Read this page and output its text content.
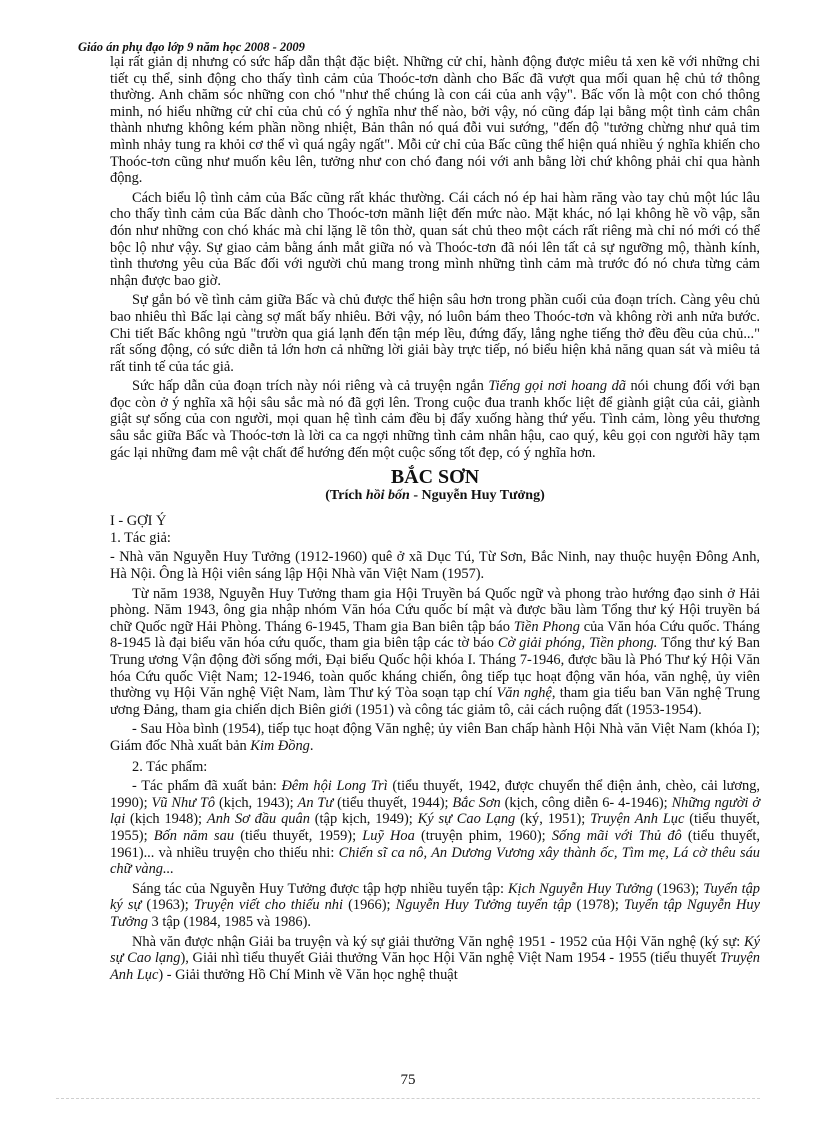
Giáo án phụ đạo lớp 9 năm học 2008 - 2009

lại rất giản dị nhưng có sức hấp dẫn thật đặc biệt. Những cử chỉ, hành động được miêu tả xen kẽ với những chi tiết cụ thể, sinh động cho thấy tình cảm của Thoóc-tơn dành cho Bấc đã vượt qua mối quan hệ chủ tớ thông thường. Anh chăm sóc những con chó "như thể chúng là con cái của anh vậy". Bấc vốn là một con chó thông minh, nó hiểu những cử chỉ của chủ có ý nghĩa như thế nào, bởi vậy, nó cũng đáp lại bằng một tình cảm chân thành nhưng không kém phần nồng nhiệt, Bản thân nó quá đỗi vui sướng, "đến độ "tưởng chừng như quả tim mình nhảy tung ra khỏi cơ thể vì quá ngây ngất". Mỗi cử chỉ của Bấc cũng thể hiện quá nhiều ý nghĩa khiến cho Thoóc-tơn cũng như muốn kêu lên, tưởng như con chó đang nói với anh bằng lời chứ không phải chỉ qua hành động.

Cách biểu lộ tình cảm của Bấc cũng rất khác thường. Cái cách nó ép hai hàm răng vào tay chủ một lúc lâu cho thấy tình cảm của Bấc dành cho Thoóc-tơn mãnh liệt đến mức nào. Mặt khác, nó lại không hề vồ vập, sẵn đón như những con chó khác mà chỉ lặng lẽ tôn thờ, quan sát chủ theo một cách rất riêng mà chỉ nó mới có thể bộc lộ như vậy. Sự giao cảm bằng ánh mắt giữa nó và Thoóc-tơn đã nói lên tất cả sự ngưỡng mộ, thành kính, tình thương yêu của Bấc đối với người chủ mang trong mình những tình cảm mà trước đó nó chưa từng cảm nhận được bao giờ.

Sự gắn bó về tình cảm giữa Bấc và chủ được thể hiện sâu hơn trong phần cuối của đoạn trích. Càng yêu chủ bao nhiêu thì Bấc lại càng sợ mất bấy nhiêu. Bởi vậy, nó luôn bám theo Thoóc-tơn và không rời anh nửa bước. Chi tiết Bấc không ngủ "trườn qua giá lạnh đến tận mép lều, đứng đấy, lắng nghe tiếng thở đều đều của chủ..." rất sống động, có sức diễn tả lớn hơn cả những lời giải bày trực tiếp, nó biểu hiện khả năng quan sát và miêu tả rất tinh tế của tác giả.

Sức hấp dẫn của đoạn trích này nói riêng và cả truyện ngắn Tiếng gọi nơi hoang dã nói chung đối với bạn đọc còn ở ý nghĩa xã hội sâu sắc mà nó đã gợi lên. Trong cuộc đua tranh khốc liệt để giành giật của cải, giành giật sự sống của con người, mọi quan hệ tình cảm đều bị đẩy xuống hàng thứ yếu. Tình cảm, lòng yêu thương sâu sắc giữa Bấc và Thoóc-tơn là lời ca ca ngợi những tình cảm nhân hậu, cao quý, kêu gọi con người hãy tạm gác lại những đam mê vật chất để hướng đến một cuộc sống tốt đẹp, có ý nghĩa hơn.

BẮC SƠN
(Trích hồi bốn - Nguyễn Huy Tưởng)
I - GỢI Ý
1. Tác giả:

- Nhà văn Nguyễn Huy Tưởng (1912-1960) quê ở xã Dục Tú, Từ Sơn, Bắc Ninh, nay thuộc huyện Đông Anh, Hà Nội. Ông là Hội viên sáng lập Hội Nhà văn Việt Nam (1957).

Từ năm 1938, Nguyễn Huy Tưởng tham gia Hội Truyền bá Quốc ngữ và phong trào hướng đạo sinh ở Hải phòng. Năm 1943, ông gia nhập nhóm Văn hóa Cứu quốc bí mật và được bầu làm Tổng thư ký Hội truyền bá chữ Quốc ngữ Hải Phòng. Tháng 6-1945, Tham gia Ban biên tập báo Tiền Phong của Văn hóa Cứu quốc. Tháng 8-1945 là đại biểu văn hóa cứu quốc, tham gia biên tập các tờ báo Cờ giải phóng, Tiền phong. Tổng thư ký Ban Trung ương Vận động đời sống mới, Đại biểu Quốc hội khóa I. Tháng 7-1946, được bầu là Phó Thư ký Hội Văn hóa Cứu quốc Việt Nam; 12-1946, toàn quốc kháng chiến, ông tiếp tục hoạt động văn hóa, văn nghệ, ủy viên thường vụ Hội Văn nghệ Việt Nam, làm Thư ký Tòa soạn tạp chí Văn nghệ, tham gia tiểu ban Văn nghệ Trung ương Đảng, tham gia chiến dịch Biên giới (1951) và công tác giảm tô, cải cách ruộng đất (1953-1954).

- Sau Hòa bình (1954), tiếp tục hoạt động Văn nghệ; ủy viên Ban chấp hành Hội Nhà văn Việt Nam (khóa I); Giám đốc Nhà xuất bản Kim Đồng.

2. Tác phẩm:

- Tác phẩm đã xuất bản: Đêm hội Long Trì (tiểu thuyết, 1942, được chuyển thể điện ảnh, chèo, cải lương, 1990); Vũ Như Tô (kịch, 1943); An Tư (tiểu thuyết, 1944); Bắc Sơn (kịch, công diễn 6- 4-1946); Những người ở lại (kịch 1948); Anh Sơ đầu quân (tập kịch, 1949); Ký sự Cao Lạng (ký, 1951); Truyện Anh Lục (tiểu thuyết, 1955); Bốn năm sau (tiểu thuyết, 1959); Luỹ Hoa (truyện phim, 1960); Sống mãi với Thủ đô (tiểu thuyết, 1961)... và nhiều truyện cho thiếu nhi: Chiến sĩ ca nô, An Dương Vương xây thành ốc, Tìm mẹ, Lá cờ thêu sáu chữ vàng...

Sáng tác của Nguyễn Huy Tưởng được tập hợp nhiều tuyển tập: Kịch Nguyễn Huy Tưởng (1963); Tuyển tập ký sự (1963); Truyện viết cho thiếu nhi (1966); Nguyễn Huy Tưởng tuyển tập (1978); Tuyển tập Nguyễn Huy Tưởng 3 tập (1984, 1985 và 1986).

Nhà văn được nhận Giải ba truyện và ký sự giải thưởng Văn nghệ 1951 - 1952 của Hội Văn nghệ (ký sự: Ký sự Cao lạng), Giải nhì tiểu thuyết Giải thưởng Văn học Hội Văn nghệ Việt Nam 1954 - 1955 (tiểu thuyết Truyện Anh Lục) - Giải thưởng Hồ Chí Minh về Văn học nghệ thuật

75
